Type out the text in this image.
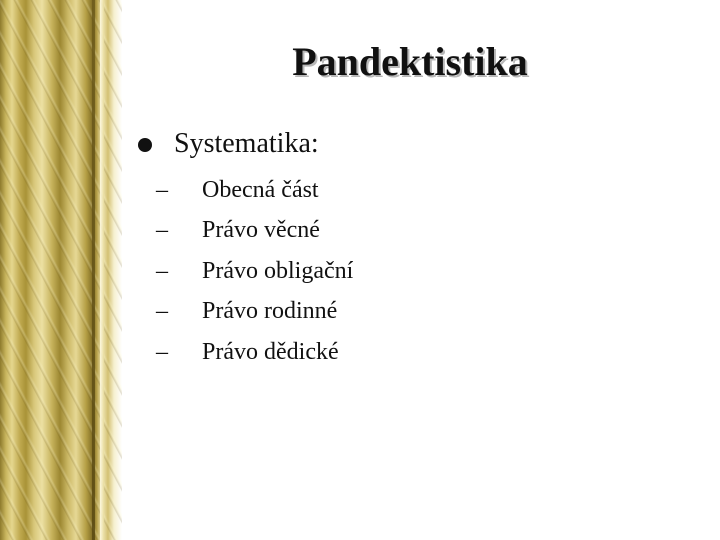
Pandektistika
Systematika:
–	Obecná část
–	Právo věcné
–	Právo obligační
–	Právo rodinné
–	Právo dědické
